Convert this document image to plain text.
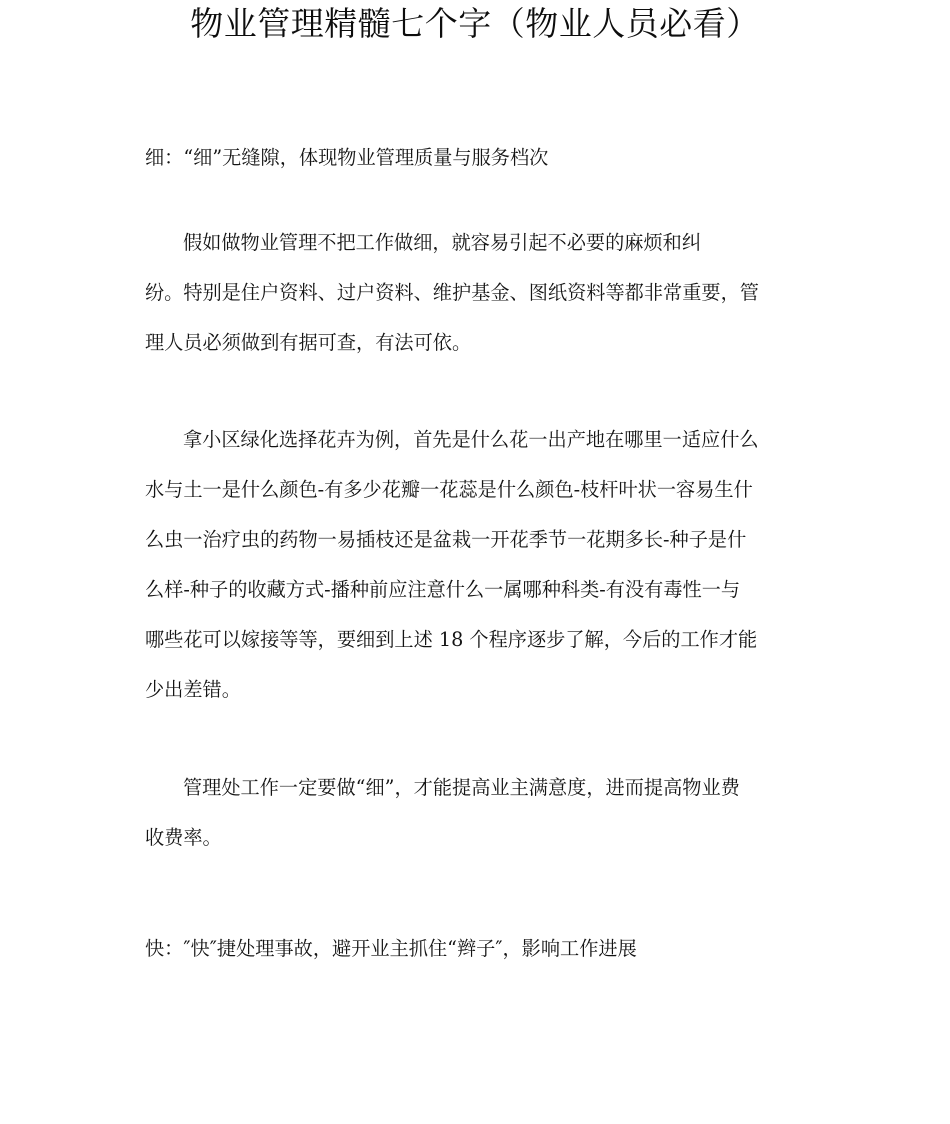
物业管理精髓七个字（物业人员必看）
细：“细”无缝隙，体现物业管理质量与服务档次
假如做物业管理不把工作做细，就容易引起不必要的麻烦和纠
纷。特别是住户资料、过户资料、维护基金、图纸资料等都非常重要，管
理人员必须做到有据可查，有法可依。
拿小区绿化选择花卉为例，首先是什么花一出产地在哪里一适应什么
水与土一是什么颜色-有多少花瓣一花蕊是什么颜色-枝杆叶状一容易生什
么虫一治疗虫的药物一易插枝还是盆栽一开花季节一花期多长-种子是什
么样-种子的收藏方式-播种前应注意什么一属哪种科类-有没有毒性一与
哪些花可以嫁接等等，要细到上述 18 个程序逐步了解，今后的工作才能
少出差错。
管理处工作一定要做“细”，才能提高业主满意度，进而提高物业费
收费率。
快：″快″捷处理事故，避开业主抓住“辫子″，影响工作进展
